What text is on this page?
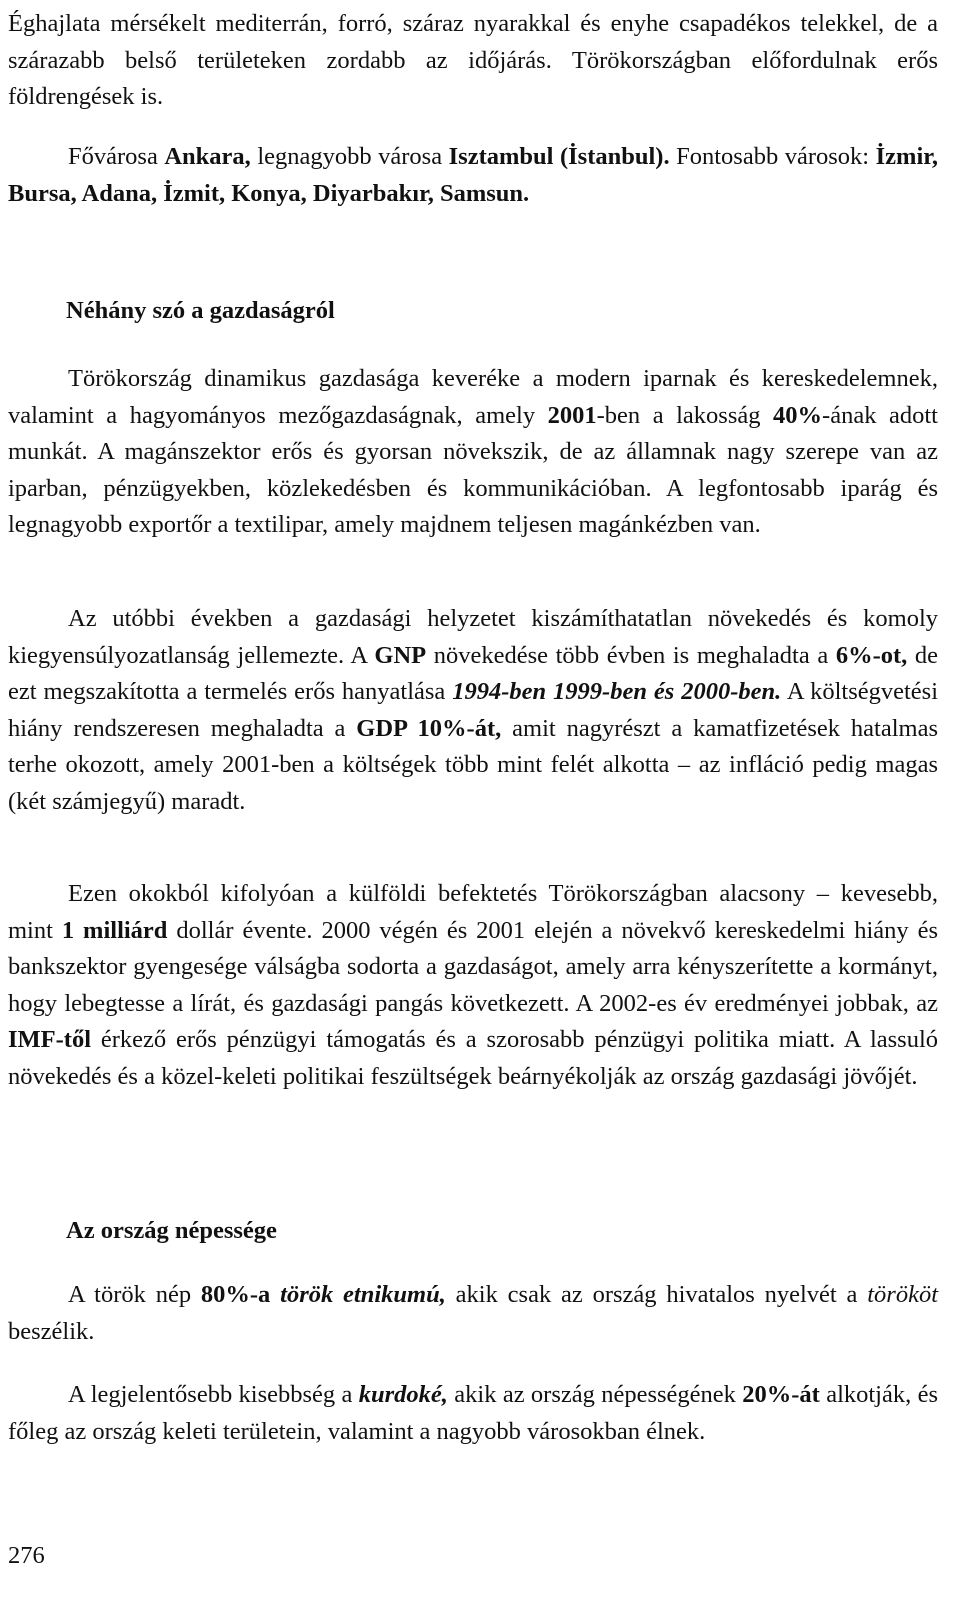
Éghajlata mérsékelt mediterrán, forró, száraz nyarakkal és enyhe csapadékos telekkel, de a szárazabb belső területeken zordabb az időjárás. Törökországban előfordulnak erős földrengések is.

Fővárosa Ankara, legnagyobb városa Isztambul (İstanbul). Fontosabb városok: İzmir, Bursa, Adana, İzmit, Konya, Diyarbakır, Samsun.

Néhány szó a gazdaságról

Törökország dinamikus gazdasága keveréke a modern iparnak és kereskedelemnek, valamint a hagyományos mezőgazdaságnak, amely 2001-ben a lakosság 40%-ának adott munkát. A magánszektor erős és gyorsan növekszik, de az államnak nagy szerepe van az iparban, pénzügyekben, közlekedésben és kommunikációban. A legfontosabb iparág és legnagyobb exportőr a textilipar, amely majdnem teljesen magánkézben van.

Az utóbbi években a gazdasági helyzetet kiszámíthatatlan növekedés és komoly kiegyensúlyozatlanság jellemezte. A GNP növekedése több évben is meghaladta a 6%-ot, de ezt megszakította a termelés erős hanyatlása 1994-ben 1999-ben és 2000-ben. A költségvetési hiány rendszeresen meghaladta a GDP 10%-át, amit nagyrészt a kamatfizetések hatalmas terhe okozott, amely 2001-ben a költségek több mint felét alkotta – az infláció pedig magas (két számjegyű) maradt.

Ezen okokból kifolyóan a külföldi befektetés Törökországban alacsony – kevesebb, mint 1 milliárd dollár évente. 2000 végén és 2001 elején a növekvő kereskedelmi hiány és bankszektor gyengesége válságba sodorta a gazdaságot, amely arra kényszerítette a kormányt, hogy lebegtesse a lírát, és gazdasági pangás következett. A 2002-es év eredményei jobbak, az IMF-től érkező erős pénzügyi támogatás és a szorosabb pénzügyi politika miatt. A lassuló növekedés és a közel-keleti politikai feszültségek beárnyékolják az ország gazdasági jövőjét.

Az ország népessége

A török nép 80%-a török etnikumú, akik csak az ország hivatalos nyelvét a törököt beszélik.

A legjelentősebb kisebbség a kurdoké, akik az ország népességének 20%-át alkotják, és főleg az ország keleti területein, valamint a nagyobb városokban élnek.

276
